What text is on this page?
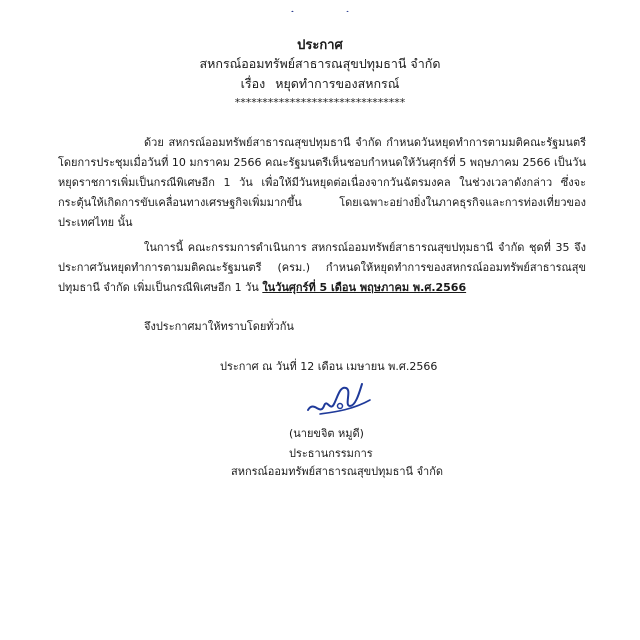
ประกาศ
สหกรณ์ออมทรัพย์สาธารณสุขปทุมธานี จำกัด
เรื่อง หยุดทำการของสหกรณ์
*******************************
ด้วย สหกรณ์ออมทรัพย์สาธารณสุขปทุมธานี จำกัด กำหนดวันหยุดทำการตามมติคณะรัฐมนตรี โดยการประชุมเมื่อวันที่ 10 มกราคม 2566 คณะรัฐมนตรีเห็นชอบกำหนดให้วันศุกร์ที่ 5 พฤษภาคม 2566 เป็นวันหยุดราชการเพิ่มเป็นกรณีพิเศษอีก 1 วัน เพื่อให้มีวันหยุดต่อเนื่องจากวันฉัตรมงคล ในช่วงเวลาดังกล่าว ซึ่งจะกระตุ้นให้เกิดการขับเคลื่อนทางเศรษฐกิจเพิ่มมากขึ้น โดยเฉพาะอย่างยิ่งในภาคธุรกิจและการท่องเที่ยวของ ประเทศไทย นั้น
ในการนี้ คณะกรรมการดำเนินการ สหกรณ์ออมทรัพย์สาธารณสุขปทุมธานี จำกัด ชุดที่ 35 จึงประกาศวันหยุดทำการตามมติคณะรัฐมนตรี (ครม.) กำหนดให้หยุดทำการของสหกรณ์ออมทรัพย์สาธารณสุข ปทุมธานี จำกัด เพิ่มเป็นกรณีพิเศษอีก 1 วัน ในวันศุกร์ที่ 5 เดือน พฤษภาคม พ.ศ.2566
จึงประกาศมาให้ทราบโดยทั่วกัน
ประกาศ ณ วันที่ 12 เดือน เมษายน พ.ศ.2566
(นายขจิต หมูดี)
ประธานกรรมการ
สหกรณ์ออมทรัพย์สาธารณสุขปทุมธานี จำกัด
